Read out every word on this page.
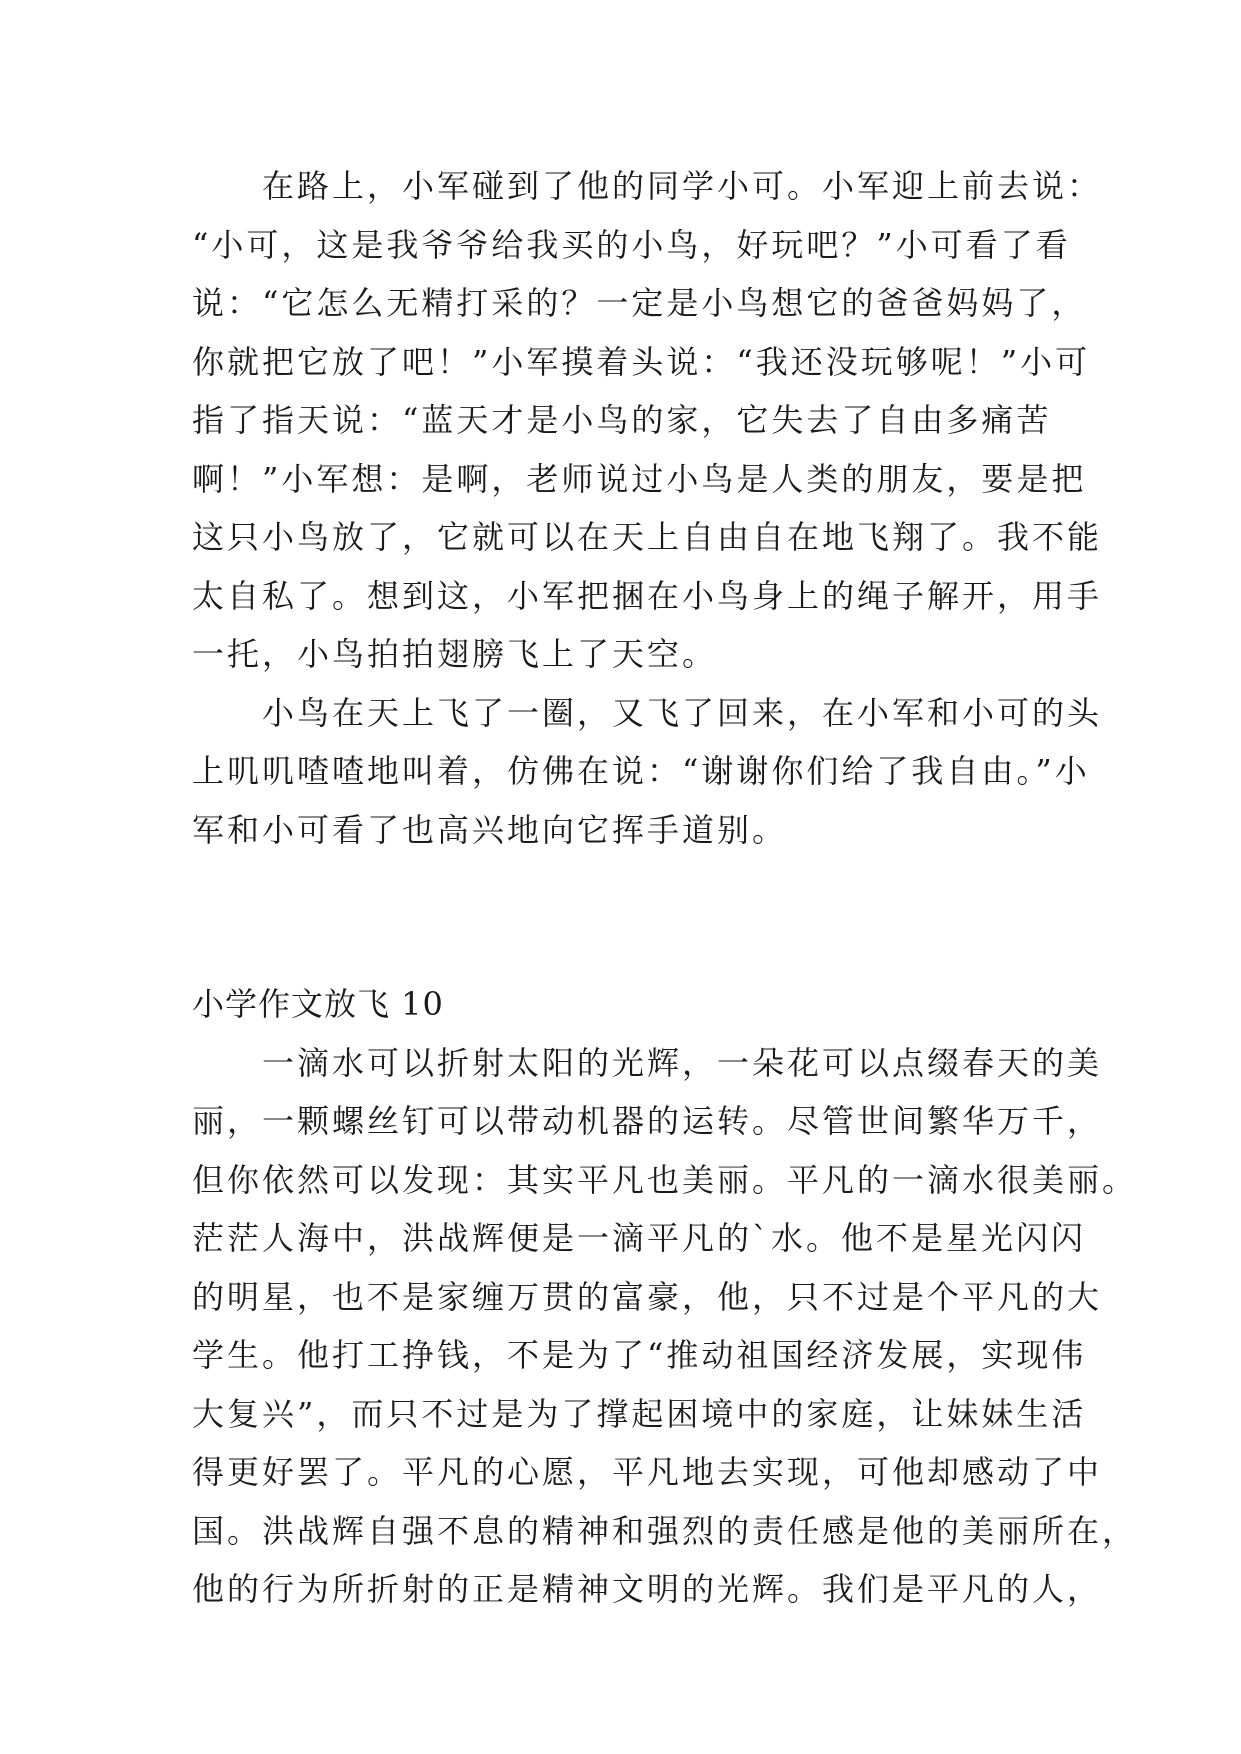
　　在路上，小军碰到了他的同学小可。小军迎上前去说：
“小可，这是我爷爷给我买的小鸟，好玩吧？”小可看了看
说：“它怎么无精打采的？一定是小鸟想它的爸爸妈妈了，
你就把它放了吧！”小军摸着头说：“我还没玩够呢！”小可
指了指天说：“蓝天才是小鸟的家，它失去了自由多痛苦
啊！”小军想：是啊，老师说过小鸟是人类的朋友，要是把
这只小鸟放了，它就可以在天上自由自在地飞翔了。我不能
太自私了。想到这，小军把捆在小鸟身上的绳子解开，用手
一托，小鸟拍拍翅膀飞上了天空。
　　小鸟在天上飞了一圈，又飞了回来，在小军和小可的头
上叽叽喳喳地叫着，仿佛在说：“谢谢你们给了我自由。”小
军和小可看了也高兴地向它挥手道别。
小学作文放飞 10
　　一滴水可以折射太阳的光辉，一朵花可以点缀春天的美
丽，一颗螺丝钉可以带动机器的运转。尽管世间繁华万千，
但你依然可以发现：其实平凡也美丽。平凡的一滴水很美丽。
茫茫人海中，洪战辉便是一滴平凡的`水。他不是星光闪闪
的明星，也不是家缠万贯的富豪，他，只不过是个平凡的大
学生。他打工挣钱，不是为了“推动祖国经济发展，实现伟
大复兴”，而只不过是为了撑起困境中的家庭，让妹妹生活
得更好罢了。平凡的心愿，平凡地去实现，可他却感动了中
国。洪战辉自强不息的精神和强烈的责任感是他的美丽所在，
他的行为所折射的正是精神文明的光辉。我们是平凡的人，
